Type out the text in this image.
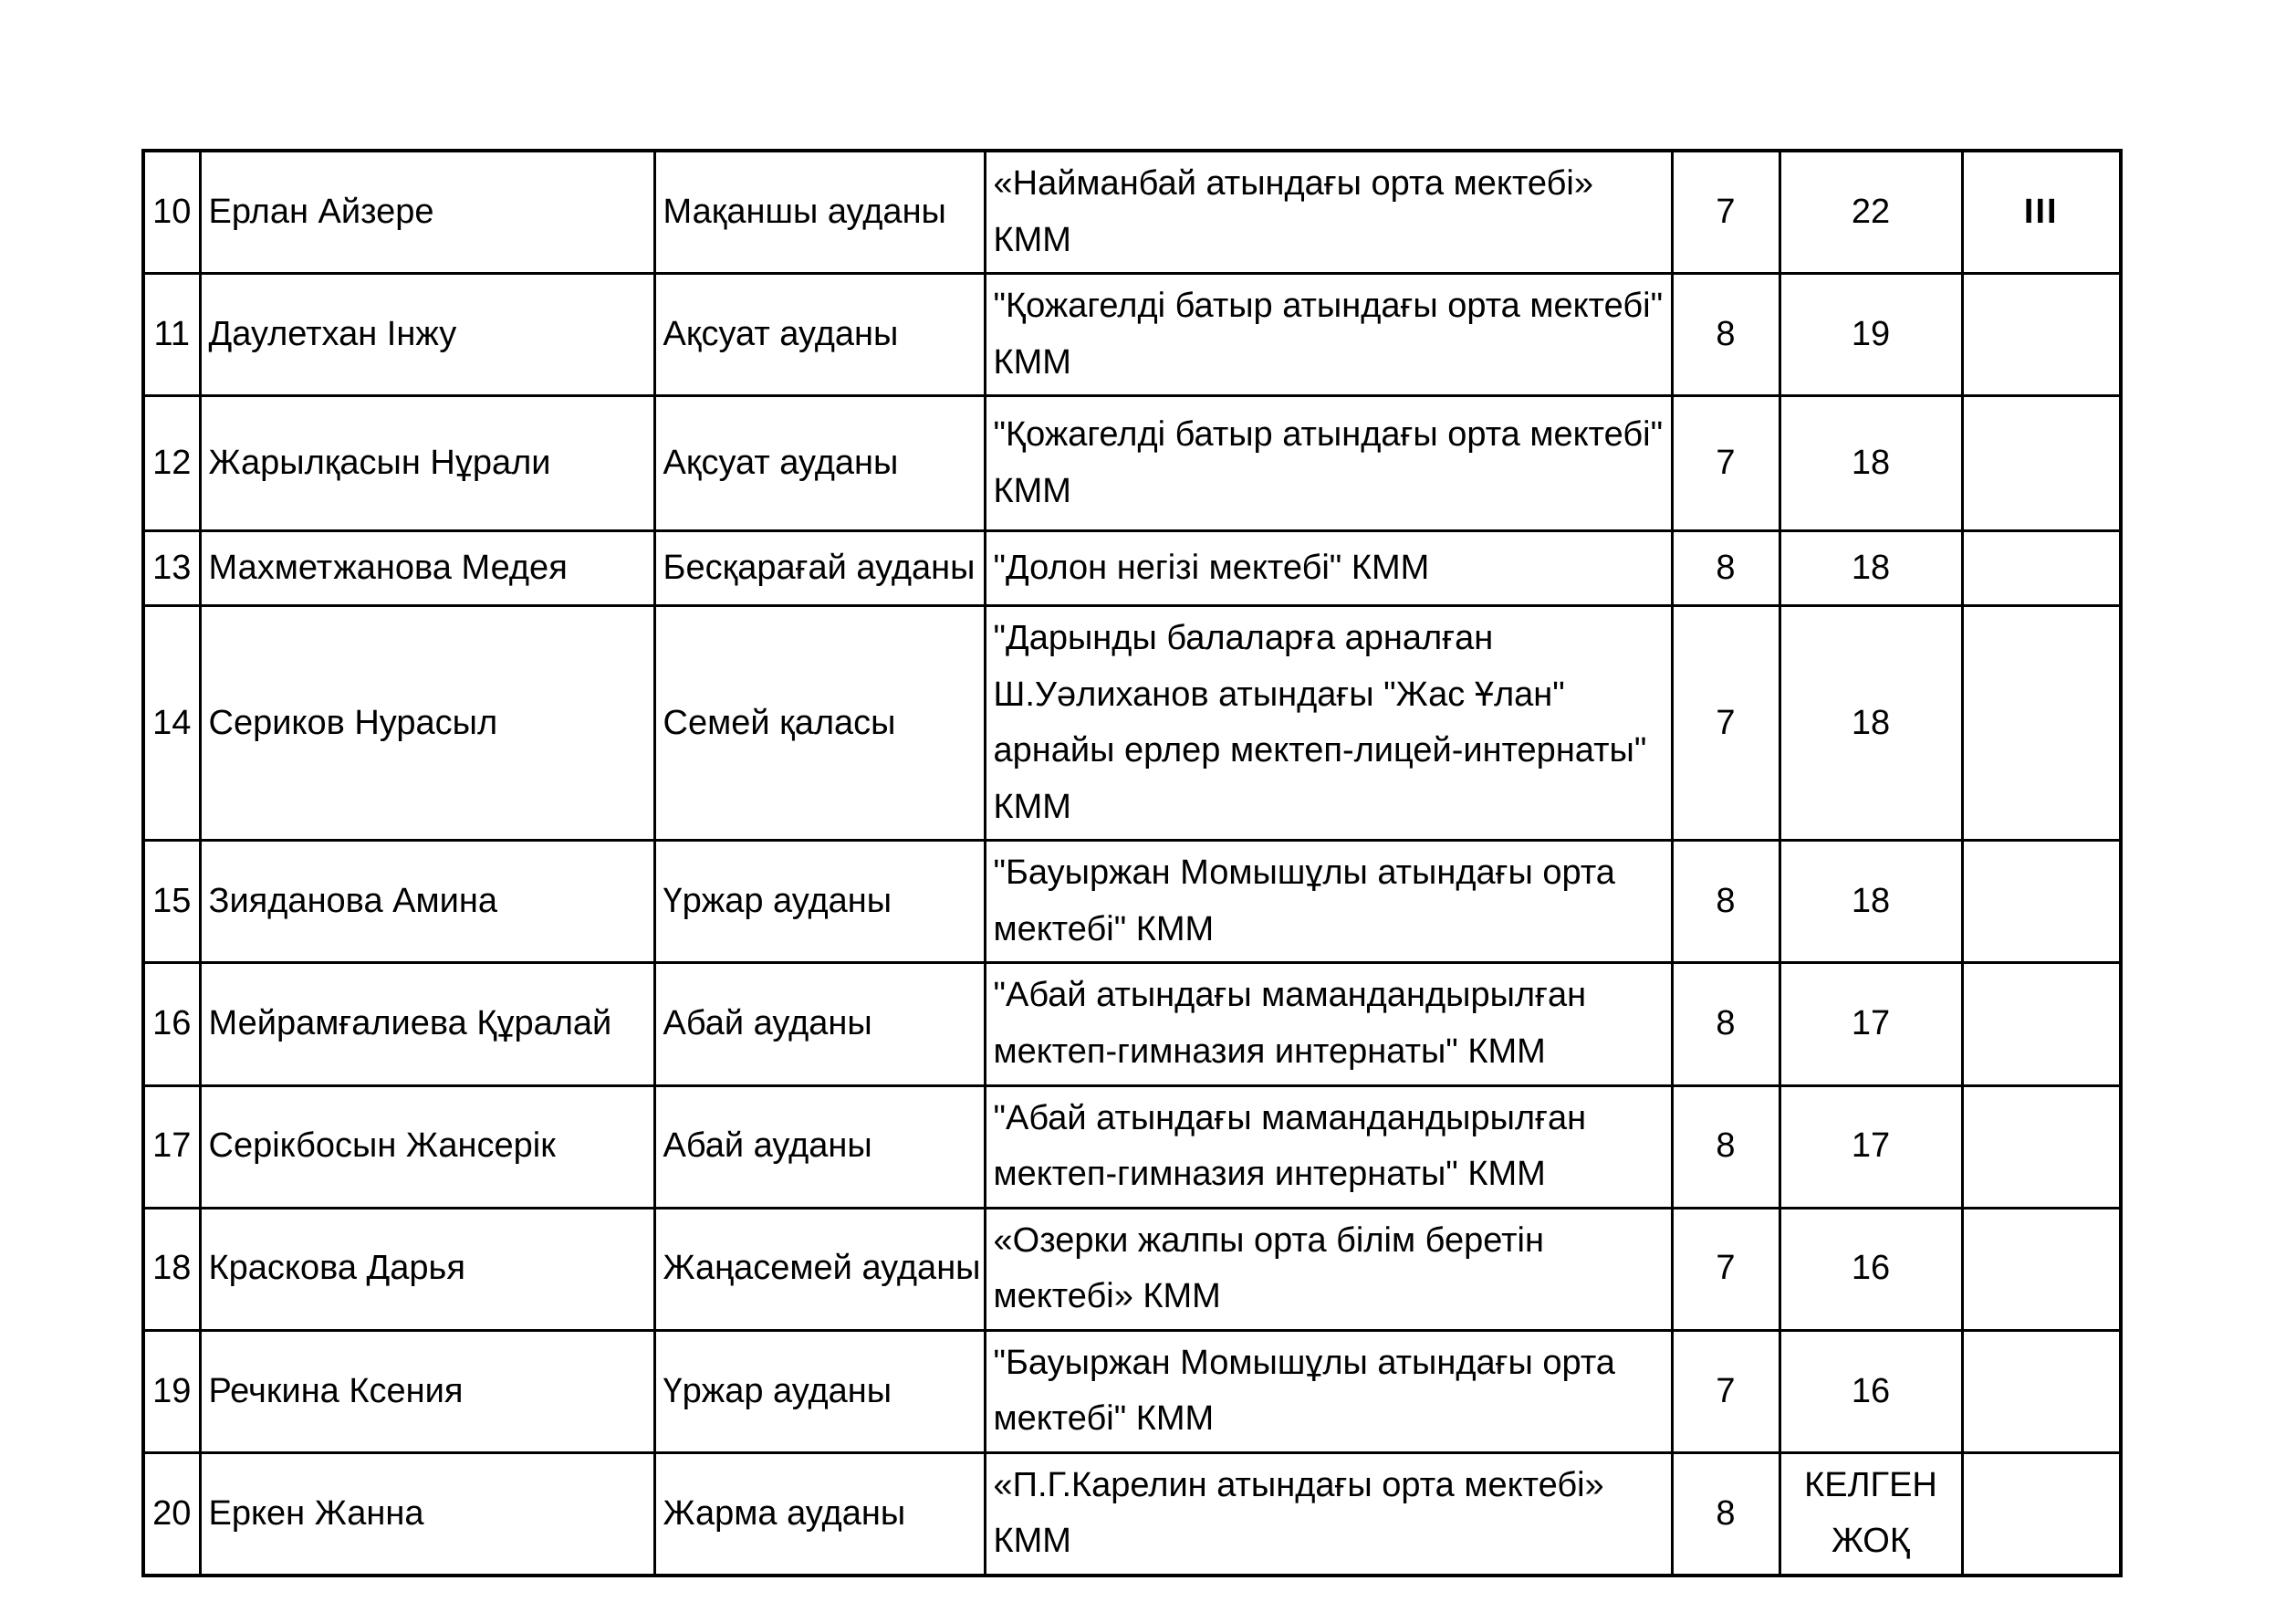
10	Ерлан Айзере	Мақаншы ауданы	«Найманбай атындағы орта мектебі» КММ	7	22	III
11	Даулетхан Інжу	Ақсуат ауданы	"Қожагелді батыр атындағы орта мектебі" КММ	8	19	
12	Жарылқасын Нұрали	Ақсуат ауданы	"Қожагелді батыр атындағы орта мектебі" КММ	7	18	
13	Махметжанова Медея	Бесқарағай ауданы	"Долон негізі мектебі" КММ	8	18	
14	Сериков Нурасыл	Семей қаласы	"Дарынды балаларға арналған Ш.Уәлиханов атындағы "Жас Ұлан" арнайы ерлер мектеп-лицей-интернаты" КММ	7	18	
15	Зияданова Амина	Үржар ауданы	"Бауыржан Момышұлы атындағы орта мектебі" КММ	8	18	
16	Мейрамғалиева Құралай	Абай ауданы	"Абай атындағы мамандандырылған мектеп-гимназия интернаты" КММ	8	17	
17	Серікбосын Жансерік	Абай ауданы	"Абай атындағы мамандандырылған мектеп-гимназия интернаты" КММ	8	17	
18	Краскова Дарья	Жаңасемей ауданы	«Озерки жалпы орта білім беретін мектебі» КММ	7	16	
19	Речкина Ксения	Үржар ауданы	"Бауыржан Момышұлы атындағы орта мектебі" КММ	7	16	
20	Еркен Жанна	Жарма ауданы	«П.Г.Карелин атындағы орта мектебі» КММ	8	КЕЛГЕН ЖОҚ	
